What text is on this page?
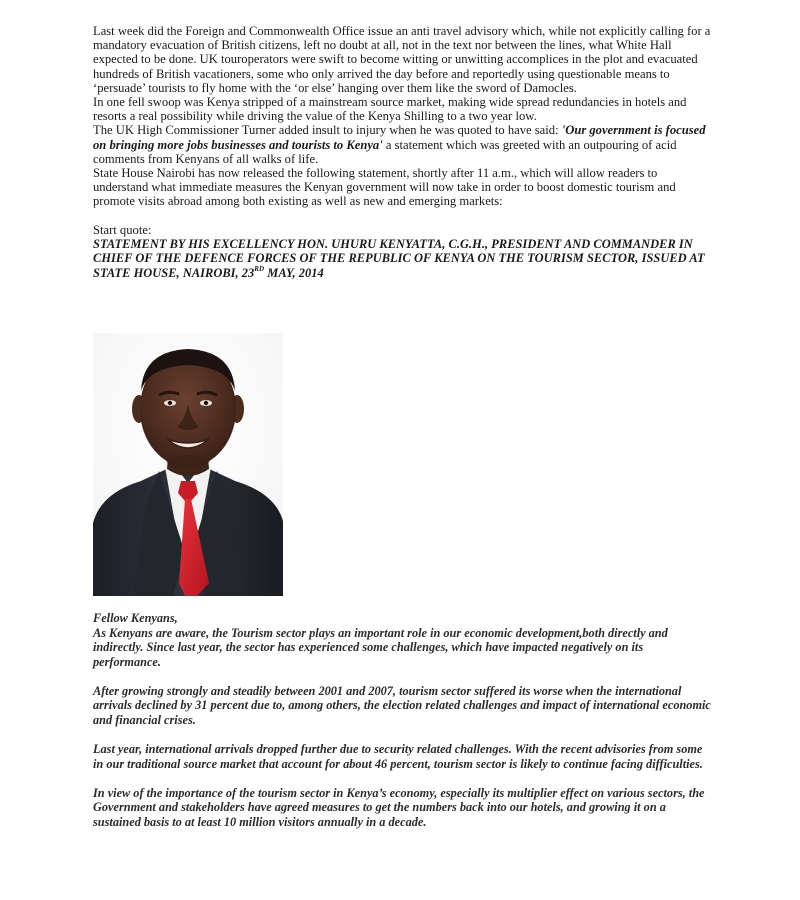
Last week did the Foreign and Commonwealth Office issue an anti travel advisory which, while not explicitly calling for a mandatory evacuation of British citizens, left no doubt at all, not in the text nor between the lines, what White Hall expected to be done. UK touroperators were swift to become witting or unwitting accomplices in the plot and evacuated hundreds of British vacationers, some who only arrived the day before and reportedly using questionable means to ‘persuade’ tourists to fly home with the ‘or else’ hanging over them like the sword of Damocles.

In one fell swoop was Kenya stripped of a mainstream source market, making wide spread redundancies in hotels and resorts a real possibility while driving the value of the Kenya Shilling to a two year low.

The UK High Commissioner Turner added insult to injury when he was quoted to have said: 'Our government is focused on bringing more jobs businesses and tourists to Kenya' a statement which was greeted with an outpouring of acid comments from Kenyans of all walks of life.

State House Nairobi has now released the following statement, shortly after 11 a.m., which will allow readers to understand what immediate measures the Kenyan government will now take in order to boost domestic tourism and promote visits abroad among both existing as well as new and emerging markets:

Start quote:

STATEMENT BY HIS EXCELLENCY HON. UHURU KENYATTA, C.G.H., PRESIDENT AND COMMANDER IN CHIEF OF THE DEFENCE FORCES OF THE REPUBLIC OF KENYA ON THE TOURISM SECTOR, ISSUED AT STATE HOUSE, NAIROBI, 23RD MAY, 2014

Fellow Kenyans,

As Kenyans are aware, the Tourism sector plays an important role in our economic development,both directly and indirectly. Since last year, the sector has experienced some challenges, which have impacted negatively on its performance.

After growing strongly and steadily between 2001 and 2007, tourism sector suffered its worse when the international arrivals declined by 31 percent due to, among others, the election related challenges and impact of international economic and financial crises.

Last year, international arrivals dropped further due to security related challenges. With the recent advisories from some in our traditional source market that account for about 46 percent, tourism sector is likely to continue facing difficulties.

In view of the importance of the tourism sector in Kenya’s economy, especially its multiplier effect on various sectors, the Government and stakeholders have agreed measures to get the numbers back into our hotels, and growing it on a sustained basis to at least 10 million visitors annually in a decade.
